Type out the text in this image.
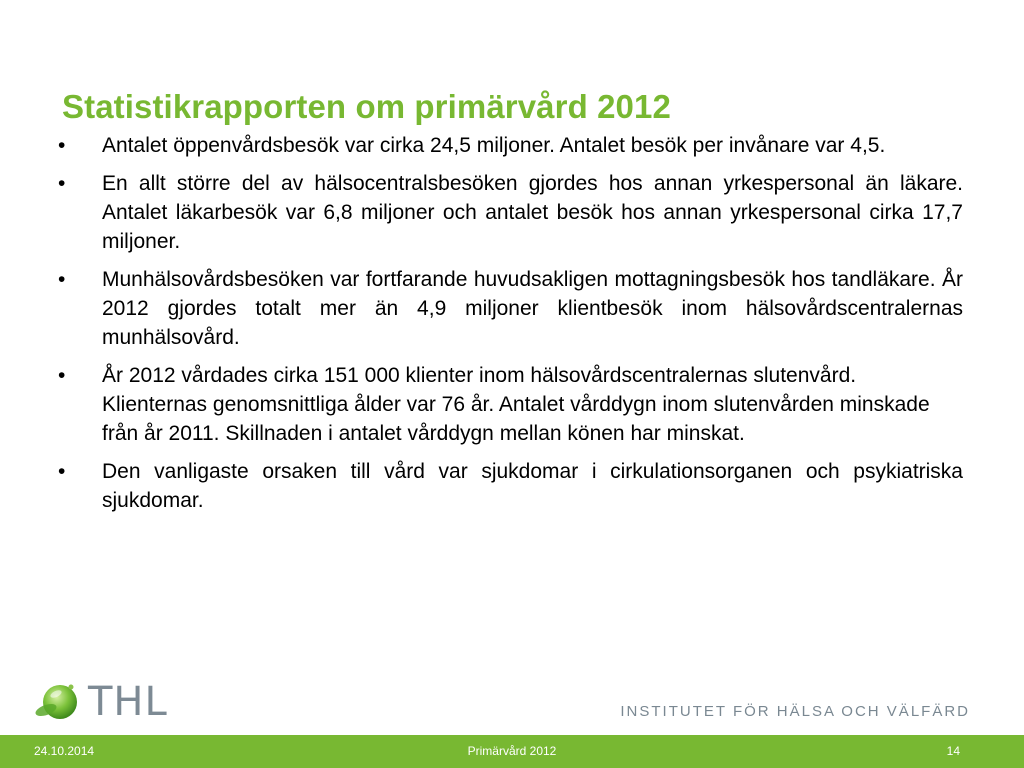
Statistikrapporten om primärvård 2012
•	Antalet öppenvårdsbesök var cirka 24,5 miljoner. Antalet besök per invånare var 4,5.
•	En allt större del av hälsocentralsbesöken gjordes hos annan yrkespersonal än läkare. Antalet läkarbesök var 6,8 miljoner och antalet besök hos annan yrkespersonal cirka 17,7 miljoner.
•	Munhälsovårdsbesöken var fortfarande huvudsakligen mottagningsbesök hos tandläkare. År 2012 gjordes totalt mer än 4,9 miljoner klientbesök inom hälsovårdscentralernas munhälsovård.
•	År 2012 vårdades cirka 151 000 klienter inom hälsovårdscentralernas slutenvård. Klienternas genomsnittliga ålder var 76 år. Antalet vårddygn inom slutenvården minskade från år 2011. Skillnaden i antalet vårddygn mellan könen har minskat.
•	Den vanligaste orsaken till vård var sjukdomar i cirkulationsorganen och psykiatriska sjukdomar.
THL	INSTITUTET FÖR HÄLSA OCH VÄLFÄRD
24.10.2014	Primärvård 2012	14
